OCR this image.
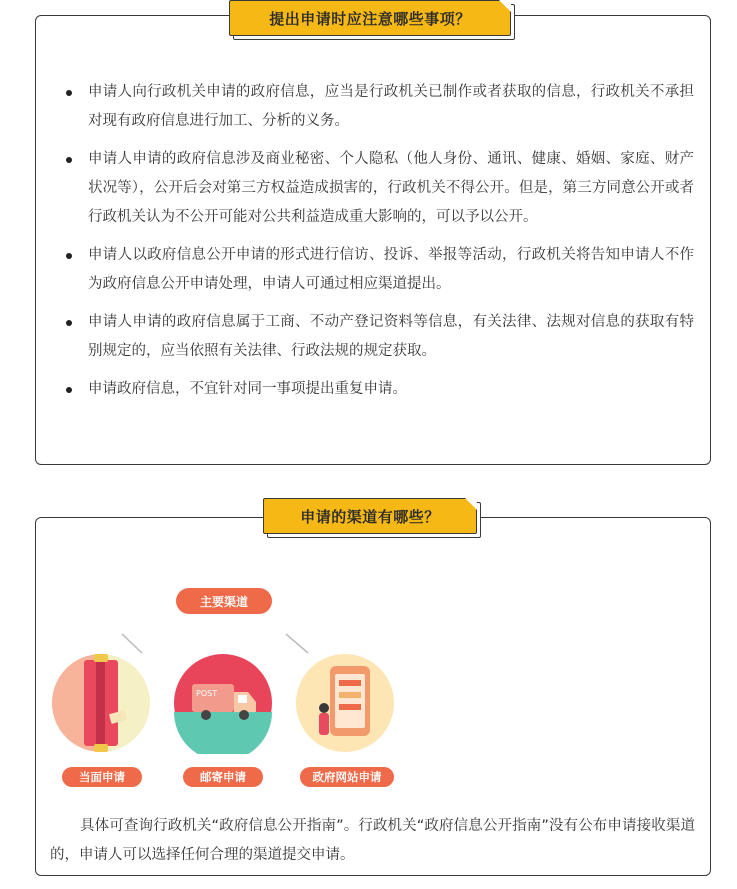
提出申请时应注意哪些事项？
申请人向行政机关申请的政府信息，应当是行政机关已制作或者获取的信息，行政机关不承担对现有政府信息进行加工、分析的义务。
申请人申请的政府信息涉及商业秘密、个人隐私（他人身份、通讯、健康、婚姻、家庭、财产状况等），公开后会对第三方权益造成损害的，行政机关不得公开。但是，第三方同意公开或者行政机关认为不公开可能对公共利益造成重大影响的，可以予以公开。
申请人以政府信息公开申请的形式进行信访、投诉、举报等活动，行政机关将告知申请人不作为政府信息公开申请处理，申请人可通过相应渠道提出。
申请人申请的政府信息属于工商、不动产登记资料等信息，有关法律、法规对信息的获取有特别规定的，应当依照有关法律、行政法规的规定获取。
申请政府信息，不宜针对同一事项提出重复申请。
申请的渠道有哪些？
主要渠道
POST
当面申请	邮寄申请	政府网站申请
具体可查询行政机关“政府信息公开指南”。行政机关“政府信息公开指南”没有公布申请接收渠道的，申请人可以选择任何合理的渠道提交申请。
